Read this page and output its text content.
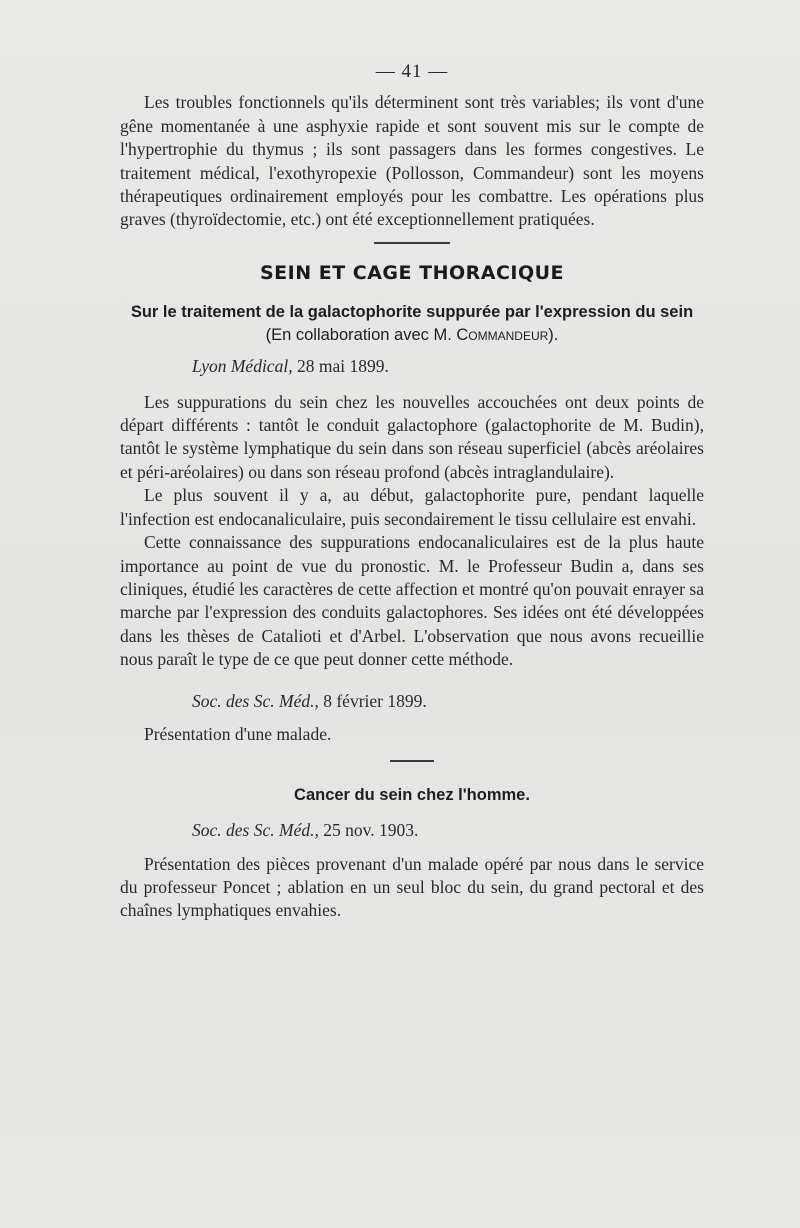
— 41 —

Les troubles fonctionnels qu'ils déterminent sont très variables; ils vont d'une gêne momentanée à une asphyxie rapide et sont souvent mis sur le compte de l'hypertrophie du thymus ; ils sont passagers dans les formes congestives. Le traitement médical, l'exothyropexie (Pollosson, Commandeur) sont les moyens thérapeutiques ordinairement employés pour les combattre. Les opérations plus graves (thyroïdectomie, etc.) ont été exceptionnellement pratiquées.

SEIN ET CAGE THORACIQUE
Sur le traitement de la galactophorite suppurée par l'expression du sein (En collaboration avec M. Commandeur).
Lyon Médical, 28 mai 1899.

Les suppurations du sein chez les nouvelles accouchées ont deux points de départ différents : tantôt le conduit galactophore (galactophorite de M. Budin), tantôt le système lymphatique du sein dans son réseau superficiel (abcès aréolaires et péri-aréolaires) ou dans son réseau profond (abcès intraglandulaire).

Le plus souvent il y a, au début, galactophorite pure, pendant laquelle l'infection est endocanaliculaire, puis secondairement le tissu cellulaire est envahi.

Cette connaissance des suppurations endocanaliculaires est de la plus haute importance au point de vue du pronostic. M. le Professeur Budin a, dans ses cliniques, étudié les caractères de cette affection et montré qu'on pouvait enrayer sa marche par l'expression des conduits galactophores. Ses idées ont été développées dans les thèses de Catalioti et d'Arbel. L'observation que nous avons recueillie nous paraît le type de ce que peut donner cette méthode.

Soc. des Sc. Méd., 8 février 1899.

Présentation d'une malade.

Cancer du sein chez l'homme.
Soc. des Sc. Méd., 25 nov. 1903.

Présentation des pièces provenant d'un malade opéré par nous dans le service du professeur Poncet ; ablation en un seul bloc du sein, du grand pectoral et des chaînes lymphatiques envahies.
